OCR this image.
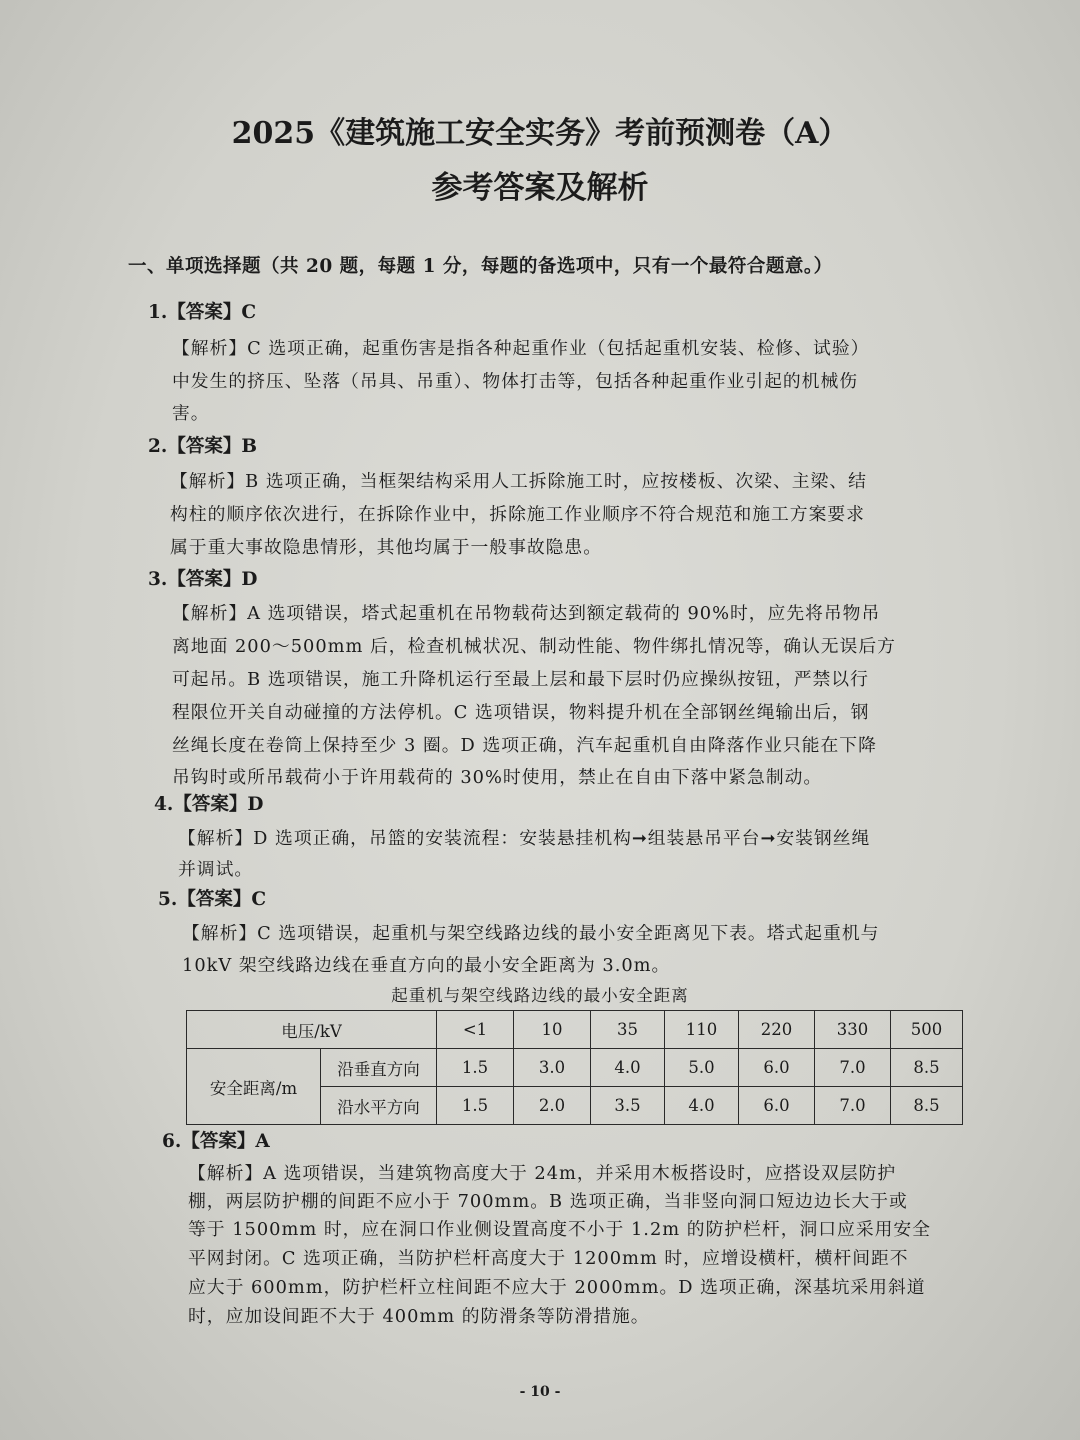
2025《建筑施工安全实务》考前预测卷（A）
参考答案及解析
一、单项选择题（共 20 题，每题 1 分，每题的备选项中，只有一个最符合题意。）
1.【答案】C
【解析】C 选项正确，起重伤害是指各种起重作业（包括起重机安装、检修、试验）
中发生的挤压、坠落（吊具、吊重）、物体打击等，包括各种起重作业引起的机械伤
害。
2.【答案】B
【解析】B 选项正确，当框架结构采用人工拆除施工时，应按楼板、次梁、主梁、结
构柱的顺序依次进行，在拆除作业中，拆除施工作业顺序不符合规范和施工方案要求
属于重大事故隐患情形，其他均属于一般事故隐患。
3.【答案】D
【解析】A 选项错误，塔式起重机在吊物载荷达到额定载荷的 90%时，应先将吊物吊
离地面 200～500mm 后，检查机械状况、制动性能、物件绑扎情况等，确认无误后方
可起吊。B 选项错误，施工升降机运行至最上层和最下层时仍应操纵按钮，严禁以行
程限位开关自动碰撞的方法停机。C 选项错误，物料提升机在全部钢丝绳输出后，钢
丝绳长度在卷筒上保持至少 3 圈。D 选项正确，汽车起重机自由降落作业只能在下降
吊钩时或所吊载荷小于许用载荷的 30%时使用，禁止在自由下落中紧急制动。
4.【答案】D
【解析】D 选项正确，吊篮的安装流程：安装悬挂机构➞组装悬吊平台➞安装钢丝绳
并调试。
5.【答案】C
【解析】C 选项错误，起重机与架空线路边线的最小安全距离见下表。塔式起重机与
10kV 架空线路边线在垂直方向的最小安全距离为 3.0m。
起重机与架空线路边线的最小安全距离
电压/kV		<1	10	35	110	220	330	500
安全距离/m	沿垂直方向	1.5	3.0	4.0	5.0	6.0	7.0	8.5
	沿水平方向	1.5	2.0	3.5	4.0	6.0	7.0	8.5
6.【答案】A
【解析】A 选项错误，当建筑物高度大于 24m，并采用木板搭设时，应搭设双层防护
棚，两层防护棚的间距不应小于 700mm。B 选项正确，当非竖向洞口短边边长大于或
等于 1500mm 时，应在洞口作业侧设置高度不小于 1.2m 的防护栏杆，洞口应采用安全
平网封闭。C 选项正确，当防护栏杆高度大于 1200mm 时，应增设横杆，横杆间距不
应大于 600mm，防护栏杆立柱间距不应大于 2000mm。D 选项正确，深基坑采用斜道
时，应加设间距不大于 400mm 的防滑条等防滑措施。
- 10 -
